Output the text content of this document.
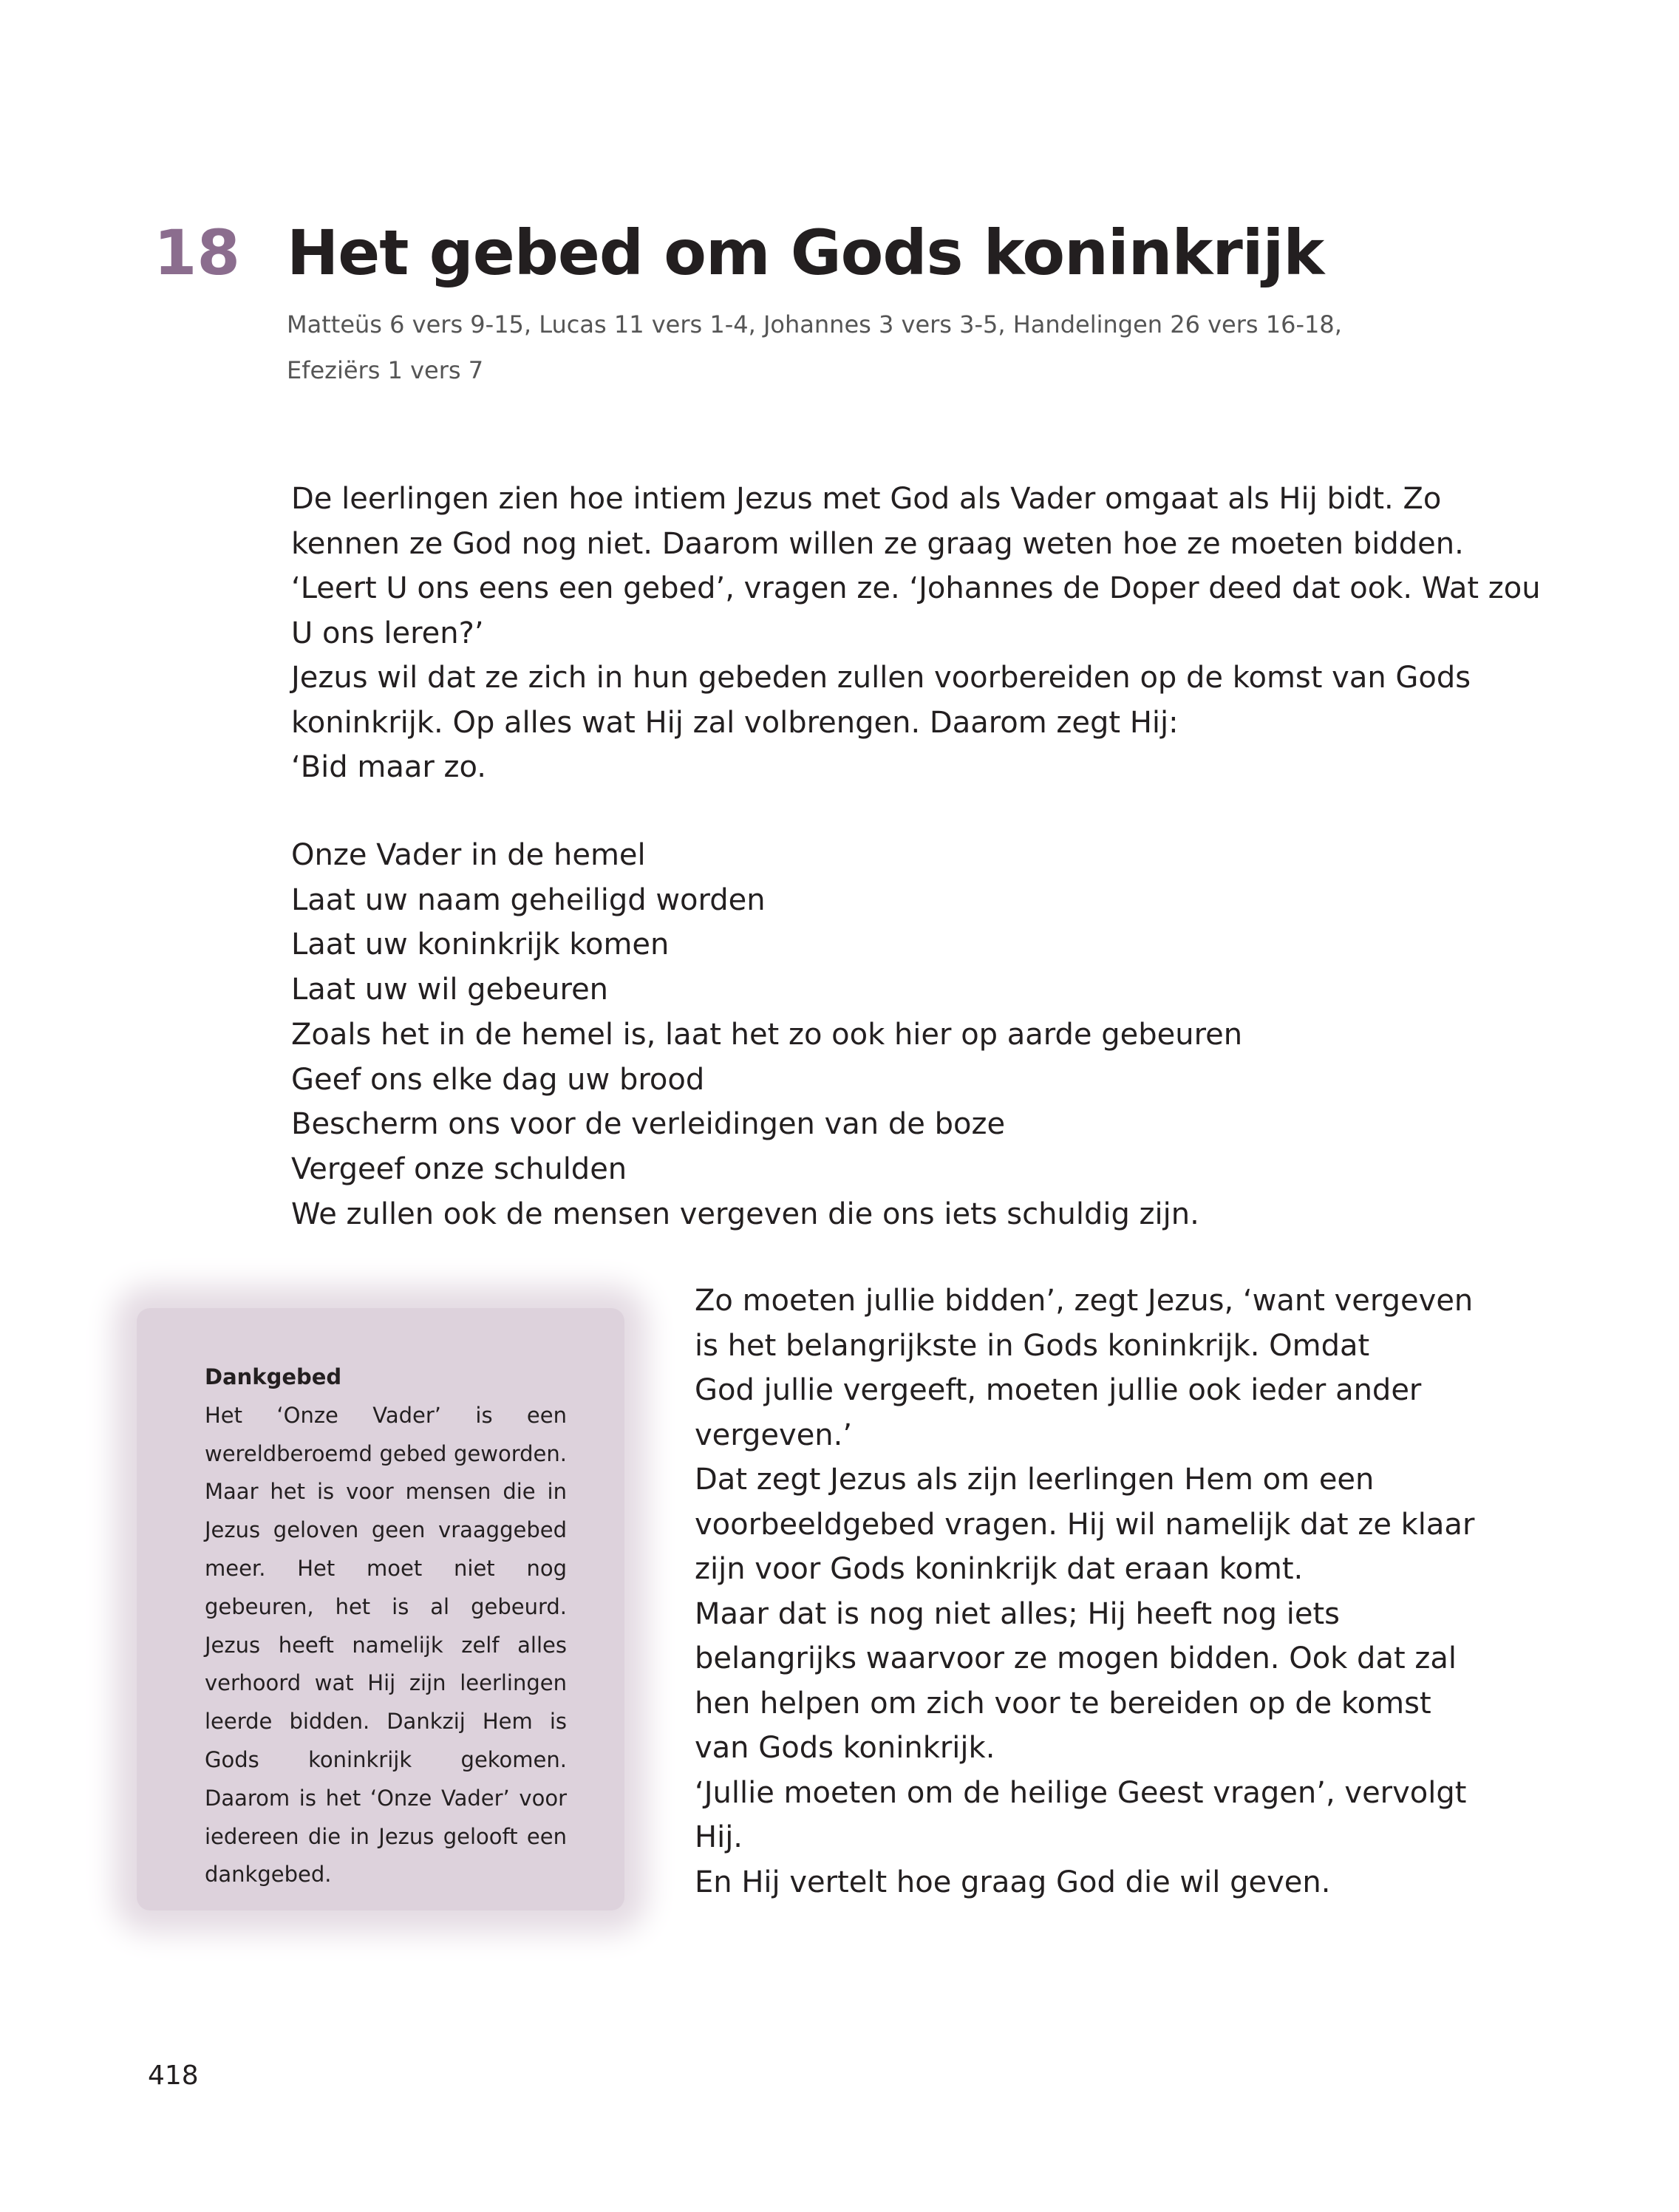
18 Het gebed om Gods koninkrijk
Matteüs 6 vers 9-15, Lucas 11 vers 1-4, Johannes 3 vers 3-5, Handelingen 26 vers 16-18, Efeziërs 1 vers 7

De leerlingen zien hoe intiem Jezus met God als Vader omgaat als Hij bidt. Zo

kennen ze God nog niet. Daarom willen ze graag weten hoe ze moeten bidden.

‘Leert U ons eens een gebed’, vragen ze. ‘Johannes de Doper deed dat ook. Wat zou

U ons leren?’

Jezus wil dat ze zich in hun gebeden zullen voorbereiden op de komst van Gods

koninkrijk. Op alles wat Hij zal volbrengen. Daarom zegt Hij:

‘Bid maar zo.

Onze Vader in de hemel

Laat uw naam geheiligd worden

Laat uw koninkrijk komen

Laat uw wil gebeuren

Zoals het in de hemel is, laat het zo ook hier op aarde gebeuren

Geef ons elke dag uw brood

Bescherm ons voor de verleidingen van de boze

Vergeef onze schulden

We zullen ook de mensen vergeven die ons iets schuldig zijn.

Dankgebed
Het ‘Onze Vader’ is een wereldberoemd gebed geworden. Maar het is voor mensen die in Jezus geloven geen vraaggebed meer. Het moet niet nog gebeuren, het is al gebeurd. Jezus heeft namelijk zelf alles verhoord wat Hij zijn leerlingen leerde bidden. Dankzij Hem is Gods koninkrijk gekomen. Daarom is het ‘Onze Vader’ voor iedereen die in Jezus gelooft een dankgebed.

Zo moeten jullie bidden’, zegt Jezus, ‘want vergeven

is het belangrijkste in Gods koninkrijk. Omdat

God jullie vergeeft, moeten jullie ook ieder ander

vergeven.’

Dat zegt Jezus als zijn leerlingen Hem om een

voorbeeldgebed vragen. Hij wil namelijk dat ze klaar

zijn voor Gods koninkrijk dat eraan komt.

Maar dat is nog niet alles; Hij heeft nog iets

belangrijks waarvoor ze mogen bidden. Ook dat zal

hen helpen om zich voor te bereiden op de komst

van Gods koninkrijk.

‘Jullie moeten om de heilige Geest vragen’, vervolgt

Hij.

En Hij vertelt hoe graag God die wil geven.

418
